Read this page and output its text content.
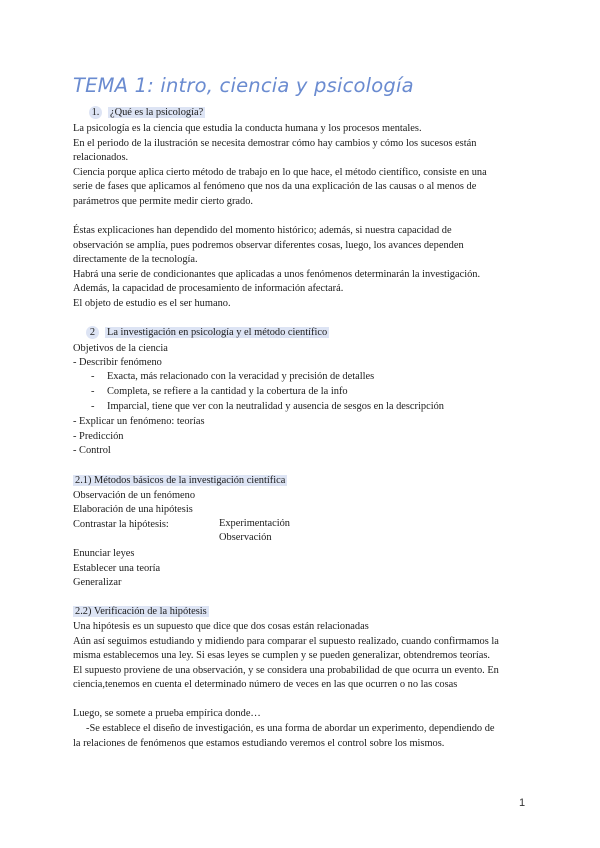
TEMA 1: intro, ciencia y psicología
1. ¿Qué es la psicología?
La psicología es la ciencia que estudia la conducta humana y los procesos mentales.
En el periodo de la ilustración se necesita demostrar cómo hay cambios y cómo los sucesos están
relacionados.
Ciencia porque aplica cierto método de trabajo en lo que hace, el método científico, consiste en una
serie de fases que aplicamos al fenómeno que nos da una explicación de las causas o al menos de
parámetros que permite medir cierto grado.
Éstas explicaciones han dependido del momento histórico; además, si nuestra capacidad de
observación se amplía, pues podremos observar diferentes cosas, luego, los avances dependen
directamente de la tecnología.
Habrá una serie de condicionantes que aplicadas a unos fenómenos determinarán la investigación.
Además, la capacidad de procesamiento de información afectará.
El objeto de estudio es el ser humano.
2 La investigación en psicología y el método científico
Objetivos de la ciencia
- Describir fenómeno
- Exacta, más relacionado con la veracidad y precisión de detalles
- Completa, se refiere a la cantidad y la cobertura de la info
- Imparcial, tiene que ver con la neutralidad y ausencia de sesgos en la descripción
- Explicar un fenómeno: teorías
- Predicción
- Control
2.1) Métodos básicos de la investigación científica
Observación de un fenómeno
Elaboración de una hipótesis
Contrastar la hipótesis:	Experimentación
Observación
Enunciar leyes
Establecer una teoría
Generalizar
2.2) Verificación de la hipótesis
Una hipótesis es un supuesto que dice que dos cosas están relacionadas
Aún así seguimos estudiando y midiendo para comparar el supuesto realizado, cuando confirmamos la
misma establecemos una ley. Si esas leyes se cumplen y se pueden generalizar, obtendremos teorías.
El supuesto proviene de una observación, y se considera una probabilidad de que ocurra un evento. En
ciencia,tenemos en cuenta el determinado número de veces en las que ocurren o no las cosas
Luego, se somete a prueba empírica donde…
-Se establece el diseño de investigación, es una forma de abordar un experimento, dependiendo de
la relaciones de fenómenos que estamos estudiando veremos el control sobre los mismos.
1
